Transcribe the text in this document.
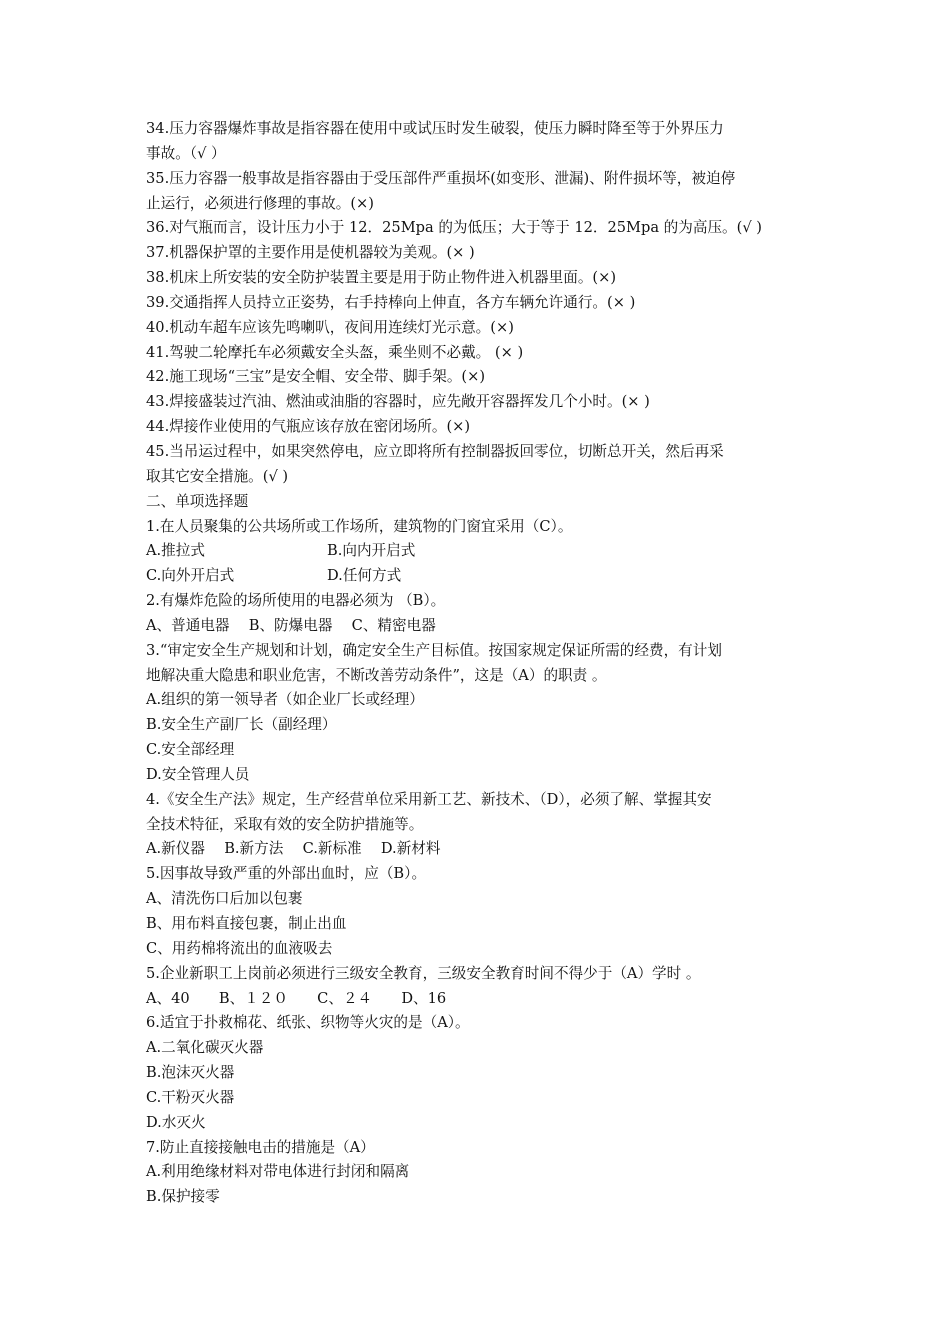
34.压力容器爆炸事故是指容器在使用中或试压时发生破裂，使压力瞬时降至等于外界压力
事故。（√ ）
35.压力容器一般事故是指容器由于受压部件严重损坏(如变形、泄漏)、附件损坏等，被迫停
止运行，必须进行修理的事故。(×)
36.对气瓶而言，设计压力小于 12．25Mpa 的为低压；大于等于 12．25Mpa 的为高压。(√ )
37.机器保护罩的主要作用是使机器较为美观。(× )
38.机床上所安装的安全防护装置主要是用于防止物件进入机器里面。(×)
39.交通指挥人员持立正姿势，右手持棒向上伸直，各方车辆允许通行。(× )
40.机动车超车应该先鸣喇叭，夜间用连续灯光示意。(×)
41.驾驶二轮摩托车必须戴安全头盔，乘坐则不必戴。 (× )
42.施工现场“三宝”是安全帽、安全带、脚手架。(×)
43.焊接盛装过汽油、燃油或油脂的容器时，应先敞开容器挥发几个小时。(× )
44.焊接作业使用的气瓶应该存放在密闭场所。(×)
45.当吊运过程中，如果突然停电，应立即将所有控制器扳回零位，切断总开关，然后再采
取其它安全措施。(√ )
二、单项选择题
1.在人员聚集的公共场所或工作场所，建筑物的门窗宜采用（C）。
A.推拉式	B.向内开启式
C.向外开启式	D.任何方式
2.有爆炸危险的场所使用的电器必须为 （B）。
A、普通电器　 B、防爆电器　 C、精密电器
3.“审定安全生产规划和计划，确定安全生产目标值。按国家规定保证所需的经费，有计划
地解决重大隐患和职业危害，不断改善劳动条件”，这是（A）的职责 。
A.组织的第一领导者（如企业厂长或经理）
B.安全生产副厂长（副经理）
C.安全部经理
D.安全管理人员
4.《安全生产法》规定，生产经营单位采用新工艺、新技术、（D），必须了解、掌握其安
全技术特征，采取有效的安全防护措施等。
A.新仪器　 B.新方法　 C.新标准　 D.新材料
5.因事故导致严重的外部出血时，应（B）。
A、清洗伤口后加以包裹
B、用布料直接包裹，制止出血
C、用药棉将流出的血液吸去
5.企业新职工上岗前必须进行三级安全教育，三级安全教育时间不得少于（A）学时 。
A、40　　B、１２０　　C、２４　　D、16
6.适宜于扑救棉花、纸张、织物等火灾的是（A）。
A.二氧化碳灭火器
B.泡沫灭火器
C.干粉灭火器
D.水灭火
7.防止直接接触电击的措施是（A）
A.利用绝缘材料对带电体进行封闭和隔离
B.保护接零
